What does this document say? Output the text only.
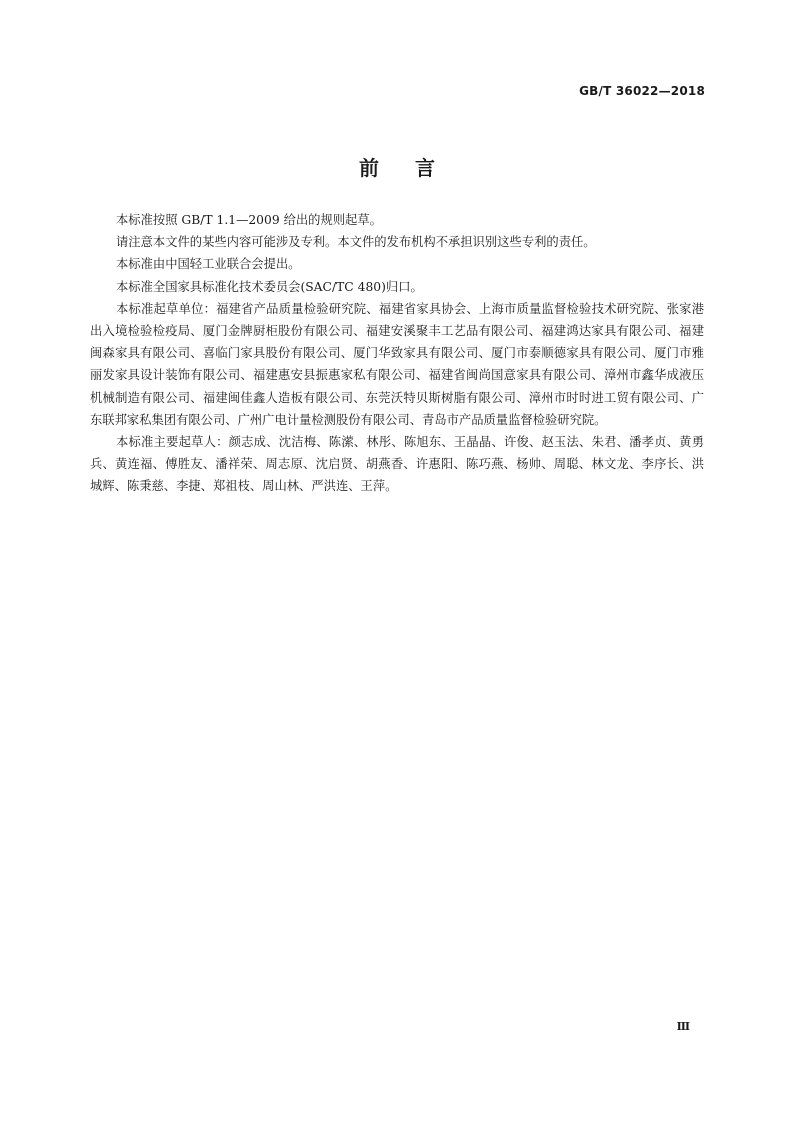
GB/T 36022—2018
前言

本标准按照 GB/T 1.1—2009 给出的规则起草。

请注意本文件的某些内容可能涉及专利。本文件的发布机构不承担识别这些专利的责任。

本标准由中国轻工业联合会提出。

本标准全国家具标准化技术委员会(SAC/TC 480)归口。

本标准起草单位：福建省产品质量检验研究院、福建省家具协会、上海市质量监督检验技术研究院、张家港出入境检验检疫局、厦门金牌厨柜股份有限公司、福建安溪聚丰工艺品有限公司、福建鸿达家具有限公司、福建闽森家具有限公司、喜临门家具股份有限公司、厦门华致家具有限公司、厦门市泰顺德家具有限公司、厦门市雅丽发家具设计装饰有限公司、福建惠安县振惠家私有限公司、福建省闽尚国意家具有限公司、漳州市鑫华成液压机械制造有限公司、福建闽佳鑫人造板有限公司、东莞沃特贝斯树脂有限公司、漳州市时时进工贸有限公司、广东联邦家私集团有限公司、广州广电计量检测股份有限公司、青岛市产品质量监督检验研究院。

本标准主要起草人：颜志成、沈洁梅、陈潆、林彤、陈旭东、王晶晶、许俊、赵玉法、朱君、潘孝贞、黄勇兵、黄连福、傅胜友、潘祥荣、周志原、沈启贤、胡燕香、许惠阳、陈巧燕、杨帅、周聪、林文龙、李序长、洪城辉、陈秉慈、李捷、郑祖枝、周山林、严洪连、王萍。

Ⅲ
